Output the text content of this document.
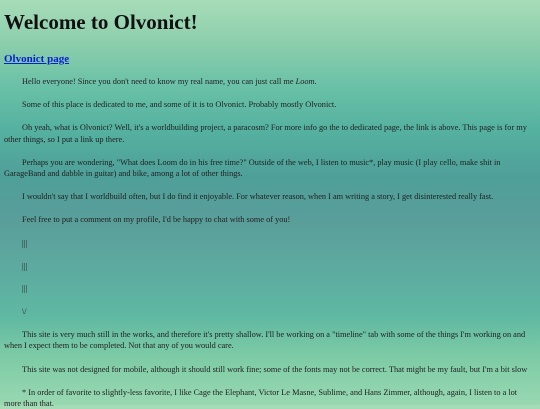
Welcome to Olvonict!
Olvonict page

Hello everyone! Since you don't need to know my real name, you can just call me Loom.

Some of this place is dedicated to me, and some of it is to Olvonict. Probably mostly Olvonict.

Oh yeah, what is Olvonict? Well, it's a worldbuilding project, a paracosm? For more info go the to dedicated page, the link is above. This page is for my other things, so I put a link up there.

Perhaps you are wondering, "What does Loom do in his free time?" Outside of the web, I listen to music*, play music (I play cello, make shit in GarageBand and dabble in guitar) and bike, among a lot of other things.

I wouldn't say that I worldbuild often, but I do find it enjoyable. For whatever reason, when I am writing a story, I get disinterested really fast.

Feel free to put a comment on my profile, I'd be happy to chat with some of you!

|||

|||

|||

\/

This site is very much still in the works, and therefore it's pretty shallow. I'll be working on a "timeline" tab with some of the things I'm working on and when I expect them to be completed. Not that any of you would care.

This site was not designed for mobile, although it should still work fine; some of the fonts may not be correct. That might be my fault, but I'm a bit slow

* In order of favorite to slightly-less favorite, I like Cage the Elephant, Victor Le Masne, Sublime, and Hans Zimmer, although, again, I listen to a lot more than that.
